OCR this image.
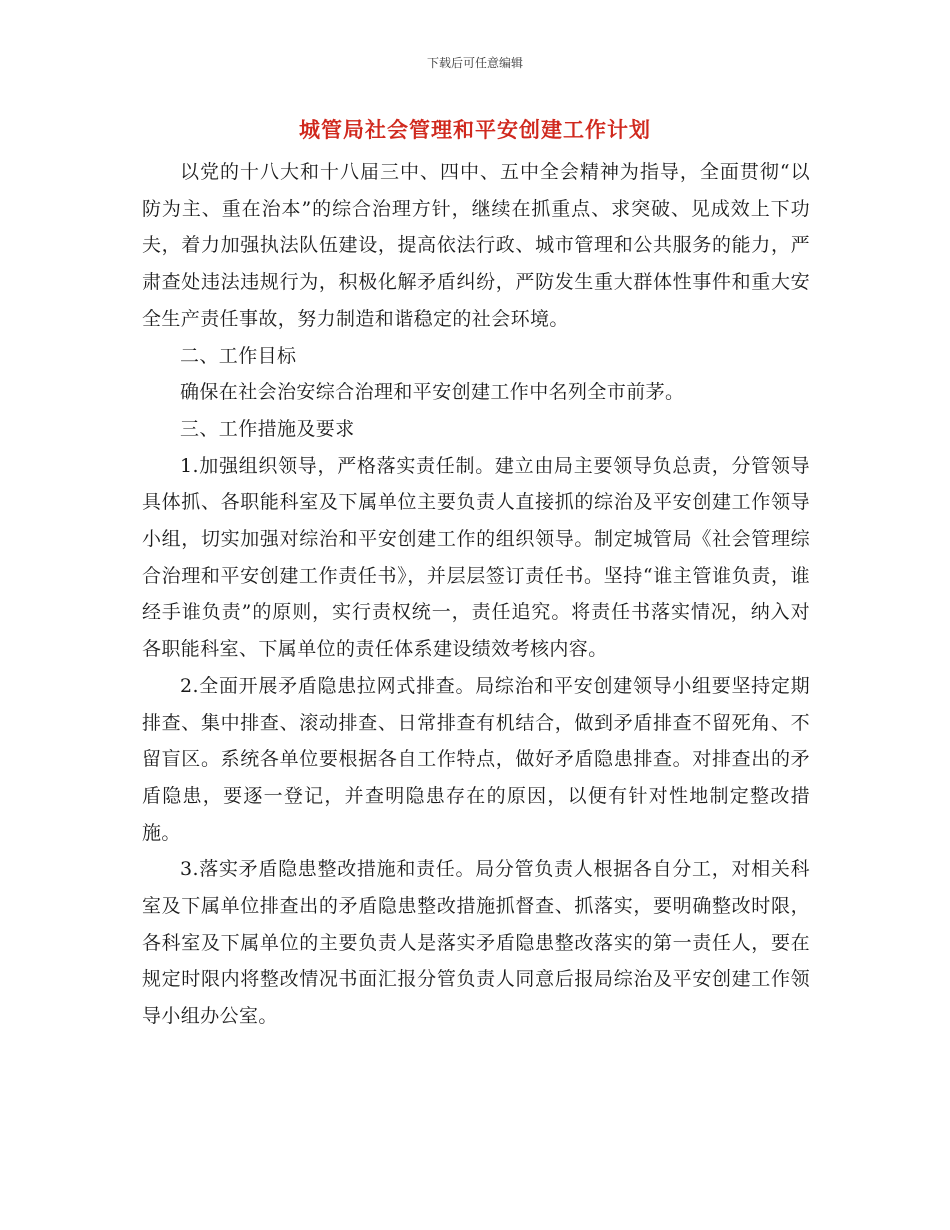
下载后可任意编辑
城管局社会管理和平安创建工作计划

以党的十八大和十八届三中、四中、五中全会精神为指导，全面贯彻“以防为主、重在治本”的综合治理方针，继续在抓重点、求突破、见成效上下功夫，着力加强执法队伍建设，提高依法行政、城市管理和公共服务的能力，严肃查处违法违规行为，积极化解矛盾纠纷，严防发生重大群体性事件和重大安全生产责任事故，努力制造和谐稳定的社会环境。

二、工作目标

确保在社会治安综合治理和平安创建工作中名列全市前茅。

三、工作措施及要求

1.加强组织领导，严格落实责任制。建立由局主要领导负总责，分管领导具体抓、各职能科室及下属单位主要负责人直接抓的综治及平安创建工作领导小组，切实加强对综治和平安创建工作的组织领导。制定城管局《社会管理综合治理和平安创建工作责任书》，并层层签订责任书。坚持“谁主管谁负责，谁经手谁负责”的原则，实行责权统一，责任追究。将责任书落实情况，纳入对各职能科室、下属单位的责任体系建设绩效考核内容。

2.全面开展矛盾隐患拉网式排查。局综治和平安创建领导小组要坚持定期排查、集中排查、滚动排查、日常排查有机结合，做到矛盾排查不留死角、不留盲区。系统各单位要根据各自工作特点，做好矛盾隐患排查。对排查出的矛盾隐患，要逐一登记，并查明隐患存在的原因，以便有针对性地制定整改措施。

3.落实矛盾隐患整改措施和责任。局分管负责人根据各自分工，对相关科室及下属单位排查出的矛盾隐患整改措施抓督查、抓落实，要明确整改时限，各科室及下属单位的主要负责人是落实矛盾隐患整改落实的第一责任人，要在规定时限内将整改情况书面汇报分管负责人同意后报局综治及平安创建工作领导小组办公室。
